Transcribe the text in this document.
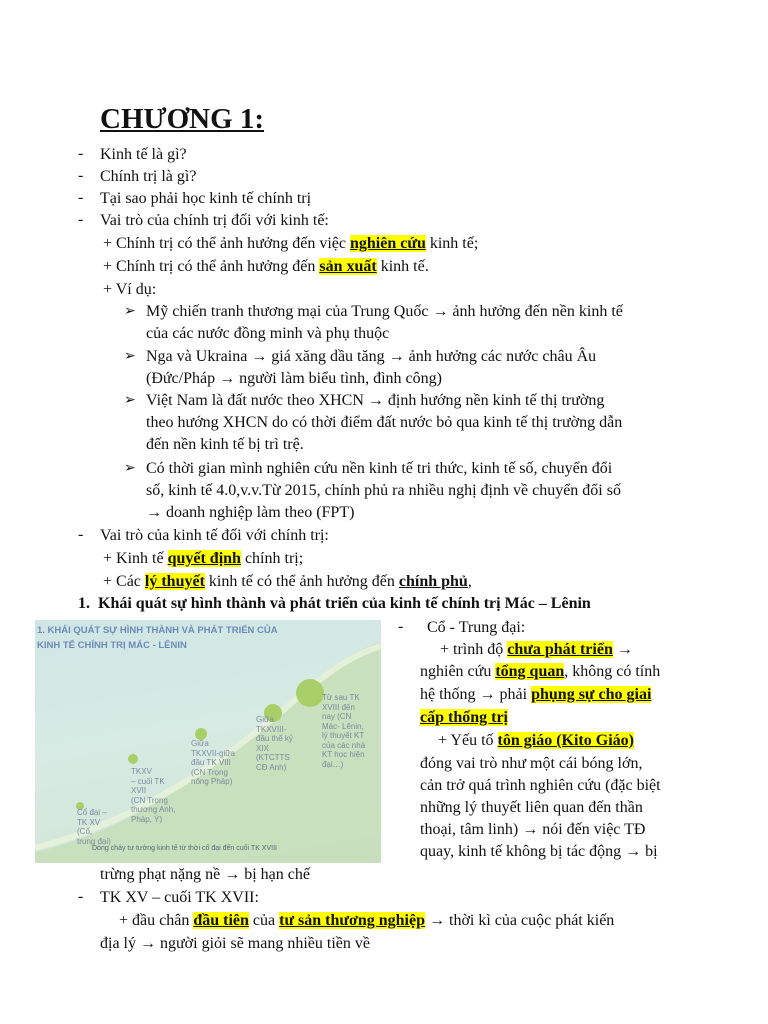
CHƯƠNG 1:
- Kinh tế là gì?
- Chính trị là gì?
- Tại sao phải học kinh tế chính trị
- Vai trò của chính trị đối với kinh tế:
+ Chính trị có thể ảnh hưởng đến việc nghiên cứu kinh tế;
+ Chính trị có thể ảnh hưởng đến sản xuất kinh tế.
+ Ví dụ:
➢ Mỹ chiến tranh thương mại của Trung Quốc → ảnh hưởng đến nền kinh tế
của các nước đồng minh và phụ thuộc
➢ Nga và Ukraina → giá xăng dầu tăng → ảnh hưởng các nước châu Âu
(Đức/Pháp → người làm biểu tình, đình công)
➢ Việt Nam là đất nước theo XHCN → định hướng nền kinh tế thị trường
theo hướng XHCN do có thời điểm đất nước bỏ qua kinh tế thị trường dẫn
đến nền kinh tế bị trì trệ.
➢ Có thời gian mình nghiên cứu nền kinh tế tri thức, kinh tế số, chuyển đổi
số, kinh tế 4.0,v.v.Từ 2015, chính phủ ra nhiều nghị định về chuyển đổi số
→ doanh nghiệp làm theo (FPT)
- Vai trò của kinh tế đối với chính trị:
+ Kinh tế quyết định chính trị;
+ Các lý thuyết kinh tế có thể ảnh hưởng đến chính phủ,
1. Khái quát sự hình thành và phát triển của kinh tế chính trị Mác – Lênin
1. KHÁI QUÁT SỰ HÌNH THÀNH VÀ PHÁT TRIỂN CỦA
KINH TẾ CHÍNH TRỊ MÁC - LÊNIN
Cổ đại –
TK XV
(Cổ,
trung đại)
TKXV
– cuối TK
XVII
(CN Trọng
thương Anh,
Pháp, Ý)
Giữa
TKXVII-giữa
đầu TK VIII
(CN Trọng
nông Pháp)
Giữa
TKXVIII-
đầu thế kỷ
XIX
(KTCTTS
CĐ Anh)
Từ sau TK
XVIII đến
nay (CN
Mác- Lênin,
lý thuyết KT
của các nhà
KT học hiện
đại…)
Dòng chảy tư tưởng kinh tế từ thời cổ đại đến cuối TK XVIII
- Cổ - Trung đại:
+ trình độ chưa phát triển →
nghiên cứu tổng quan, không có tính
hệ thống → phải phụng sự cho giai
cấp thống trị
+ Yếu tố tôn giáo (Kito Giáo)
đóng vai trò như một cái bóng lớn,
cản trở quá trình nghiên cứu (đặc biệt
những lý thuyết liên quan đến thần
thoại, tâm linh) → nói đến việc TĐ
quay, kinh tế không bị tác động → bị
trừng phạt nặng nề → bị hạn chế
- TK XV – cuối TK XVII:
+ đầu chân đầu tiên của tư sản thương nghiệp → thời kì của cuộc phát kiến
địa lý → người giỏi sẽ mang nhiều tiền về
